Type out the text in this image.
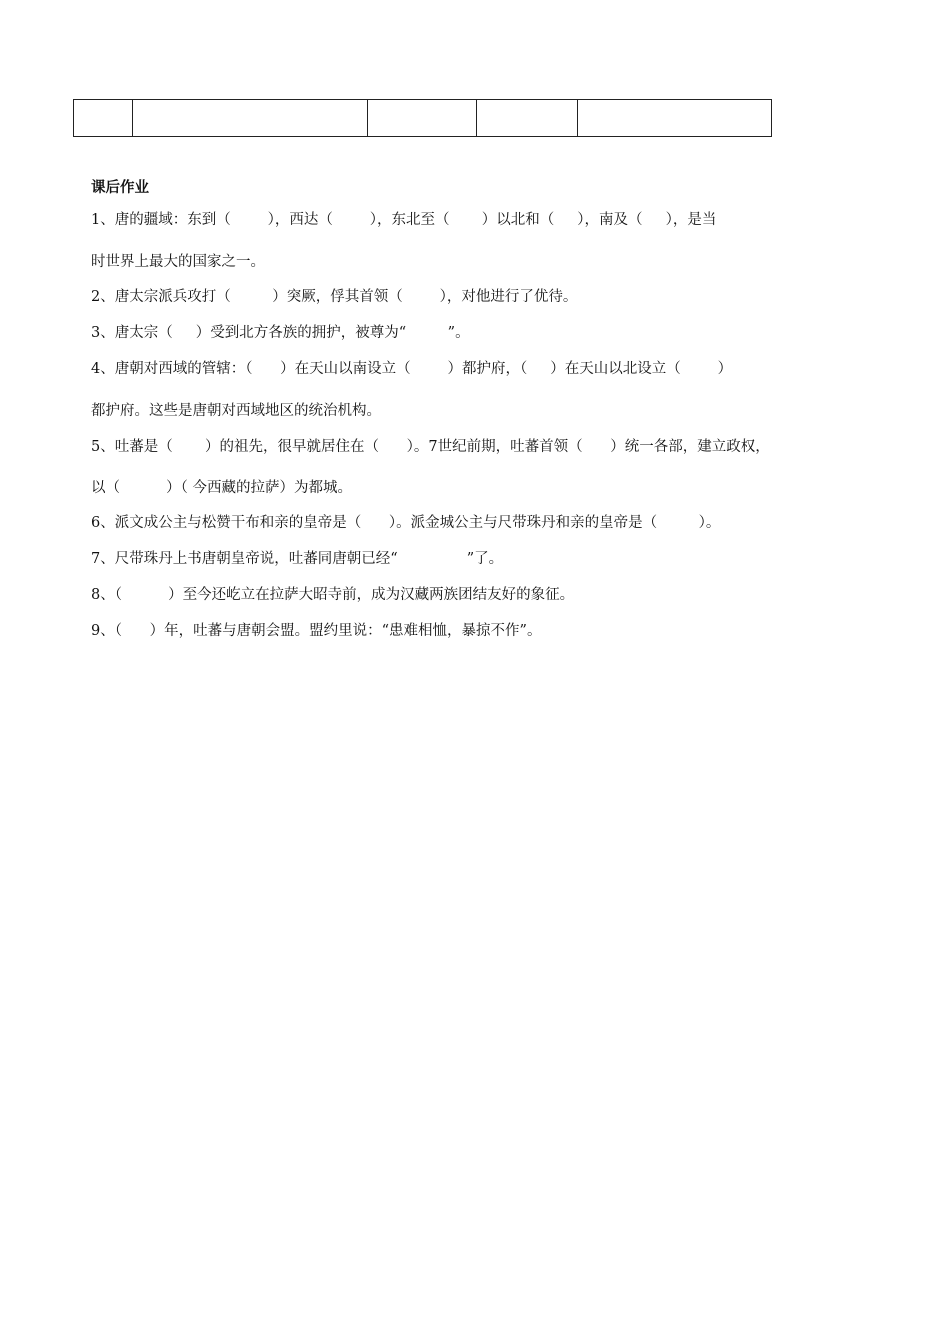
课后作业
1、唐的疆域：东到（        ），西达（        ），东北至（       ）以北和（     ），南及（     ），是当
时世界上最大的国家之一。
2、唐太宗派兵攻打（         ）突厥，俘其首领（        ），对他进行了优待。
3、唐太宗（     ）受到北方各族的拥护，被尊为“         ”。
4、唐朝对西域的管辖：（      ）在天山以南设立（        ）都护府，（     ）在天山以北设立（        ）
都护府。这些是唐朝对西域地区的统治机构。
5、吐蕃是（       ）的祖先，很早就居住在（      ）。7世纪前期，吐蕃首领（      ）统一各部，建立政权，
以（          ）（ 今西藏的拉萨）为都城。
6、派文成公主与松赞干布和亲的皇帝是（      ）。派金城公主与尺带珠丹和亲的皇帝是（         ）。
7、尺带珠丹上书唐朝皇帝说，吐蕃同唐朝已经“               ”了。
8、（          ）至今还屹立在拉萨大昭寺前，成为汉藏两族团结友好的象征。
9、（      ）年，吐蕃与唐朝会盟。盟约里说：“患难相恤，暴掠不作”。
